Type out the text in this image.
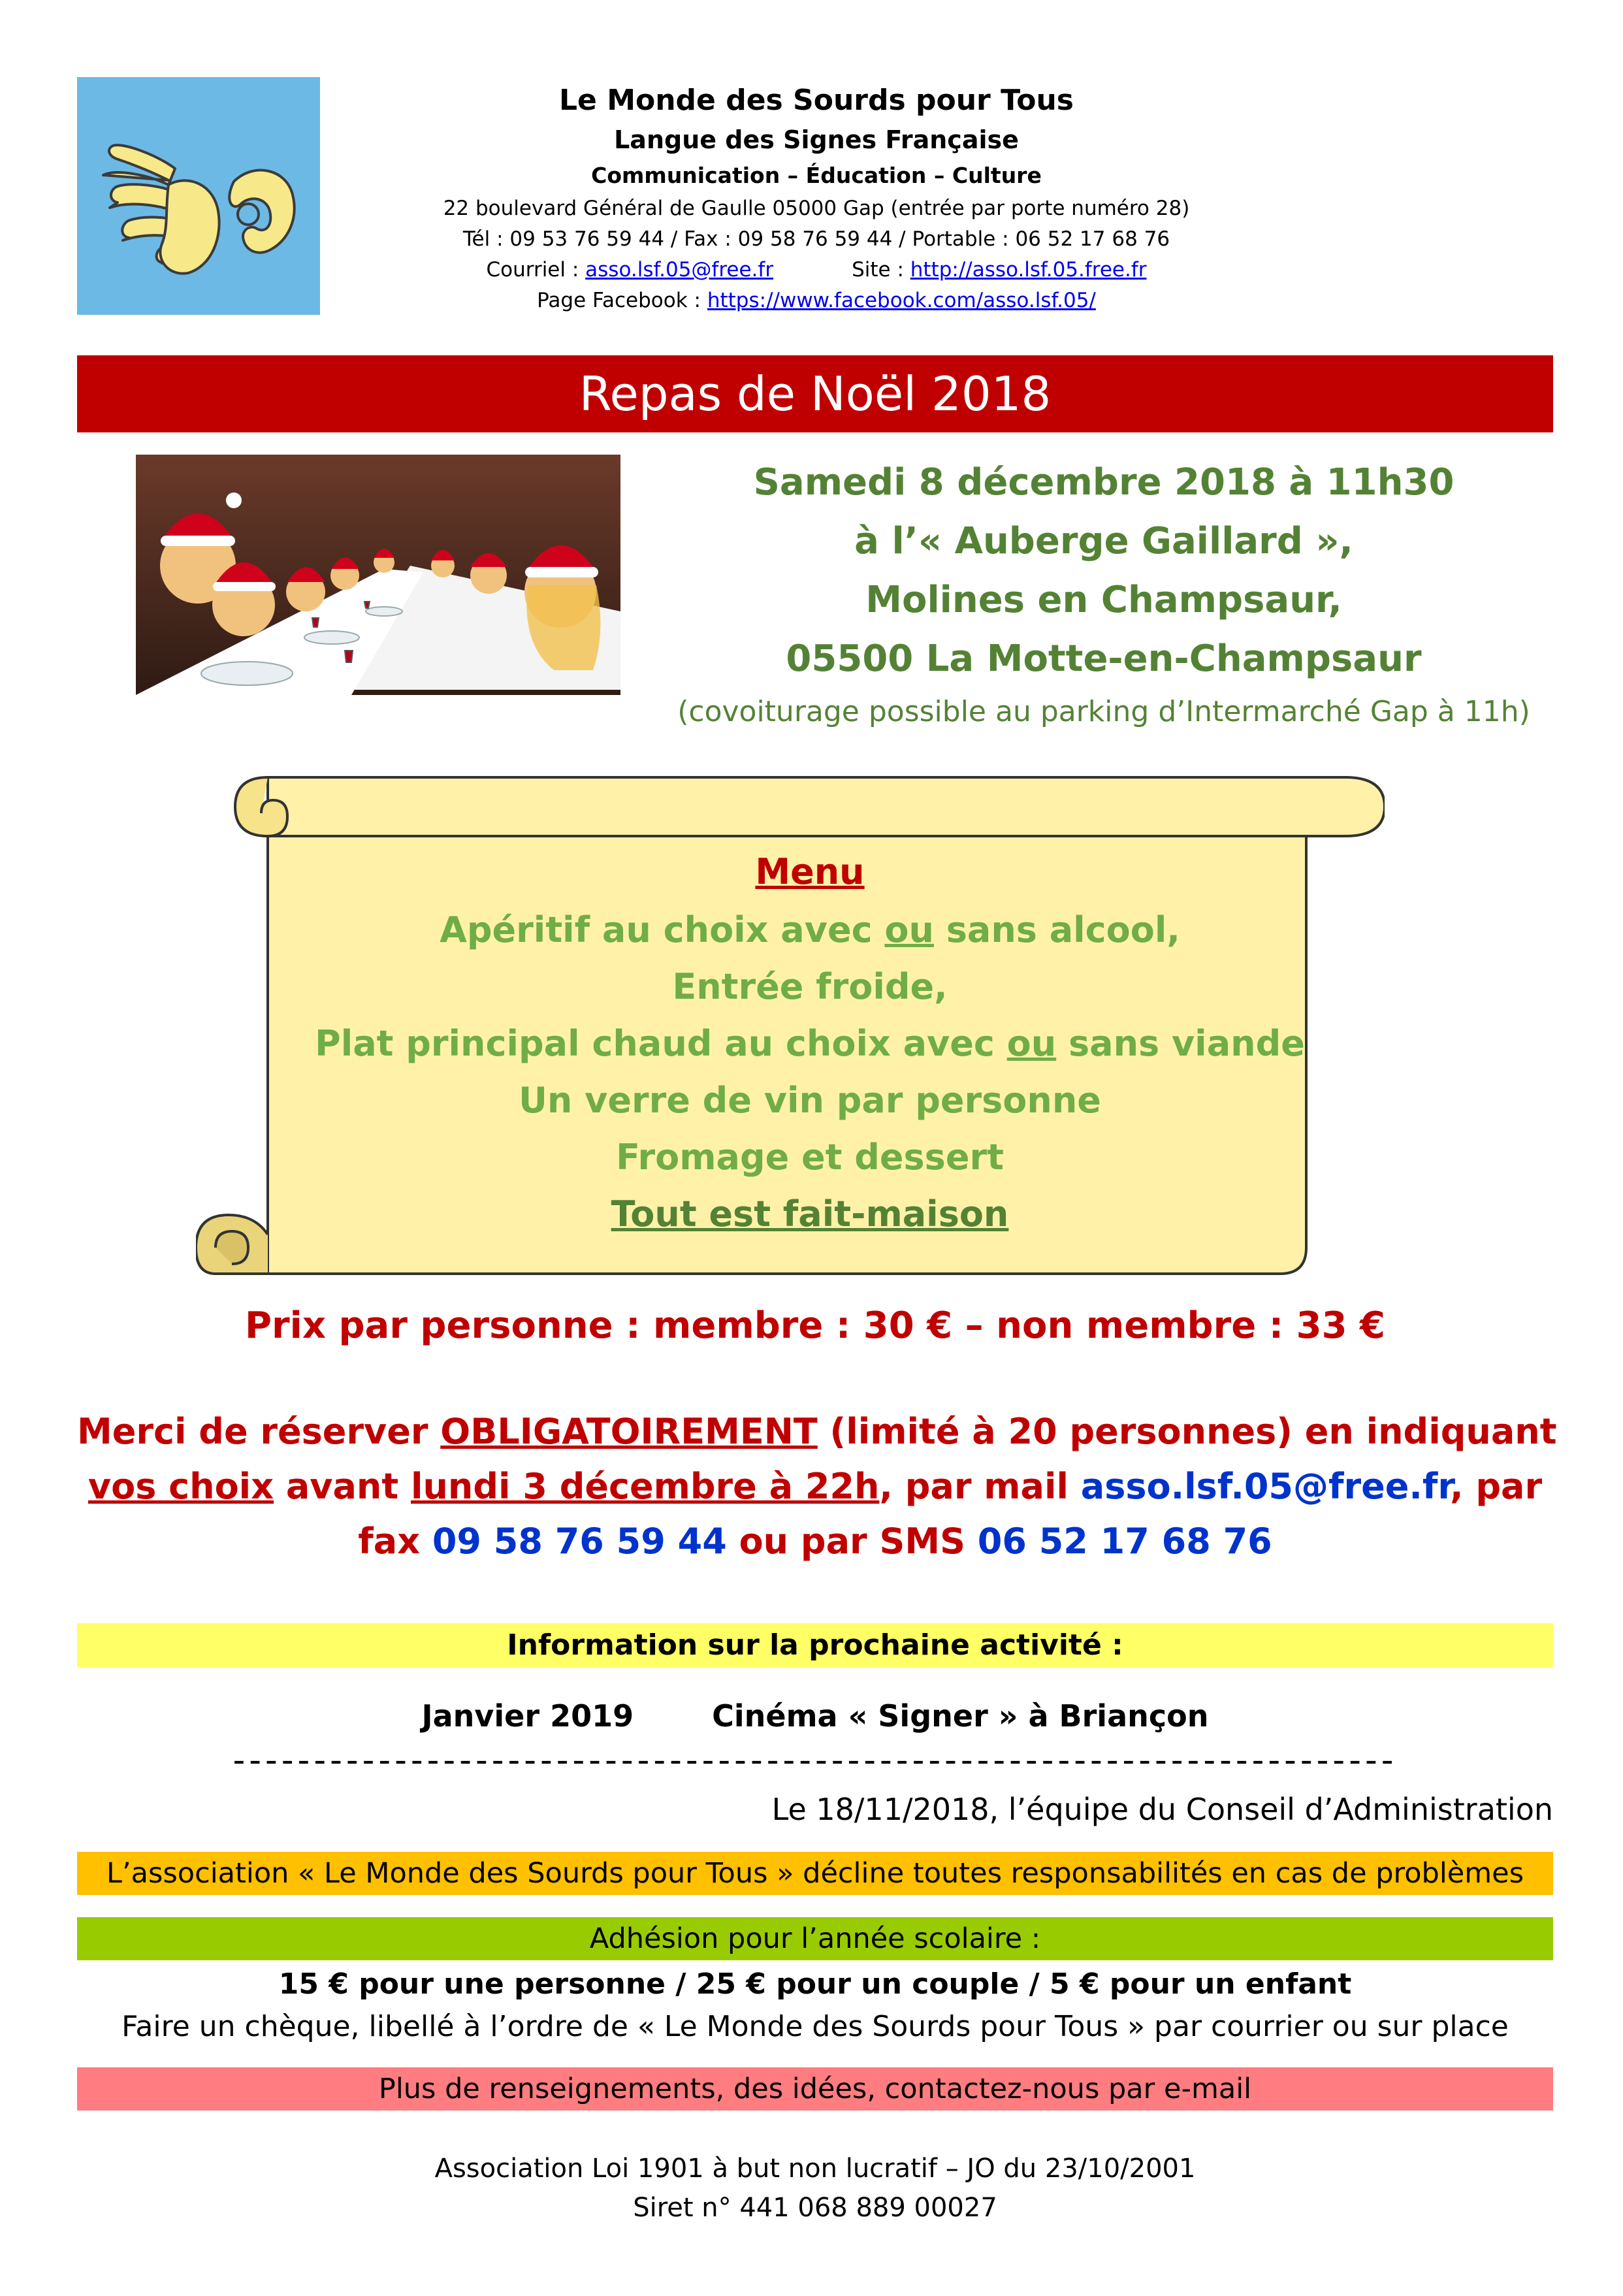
Le Monde des Sourds pour Tous
Langue des Signes Française
Communication – Éducation – Culture
22 boulevard Général de Gaulle 05000 Gap (entrée par porte numéro 28)
Tél : 09 53 76 59 44 / Fax : 09 58 76 59 44 / Portable : 06 52 17 68 76
Courriel : asso.lsf.05@free.fr	Site : http://asso.lsf.05.free.fr
Page Facebook : https://www.facebook.com/asso.lsf.05/
Repas de Noël 2018
Samedi 8 décembre 2018 à 11h30
à l’« Auberge Gaillard »,
Molines en Champsaur,
05500 La Motte-en-Champsaur
(covoiturage possible au parking d’Intermarché Gap à 11h)
Menu
Apéritif au choix avec ou sans alcool,
Entrée froide,
Plat principal chaud au choix avec ou sans viande
Un verre de vin par personne
Fromage et dessert
Tout est fait-maison
Prix par personne : membre : 30 € – non membre : 33 €
Merci de réserver OBLIGATOIREMENT (limité à 20 personnes) en indiquant
vos choix avant lundi 3 décembre à 22h, par mail asso.lsf.05@free.fr, par
fax 09 58 76 59 44 ou par SMS 06 52 17 68 76
Information sur la prochaine activité :
Janvier 2019	Cinéma « Signer » à Briançon
------------------------------------------------------------------------
Le 18/11/2018, l’équipe du Conseil d’Administration
L’association « Le Monde des Sourds pour Tous » décline toutes responsabilités en cas de problèmes
Adhésion pour l’année scolaire :
15 € pour une personne / 25 € pour un couple / 5 € pour un enfant
Faire un chèque, libellé à l’ordre de « Le Monde des Sourds pour Tous » par courrier ou sur place
Plus de renseignements, des idées, contactez-nous par e-mail
Association Loi 1901 à but non lucratif – JO du 23/10/2001
Siret n° 441 068 889 00027
